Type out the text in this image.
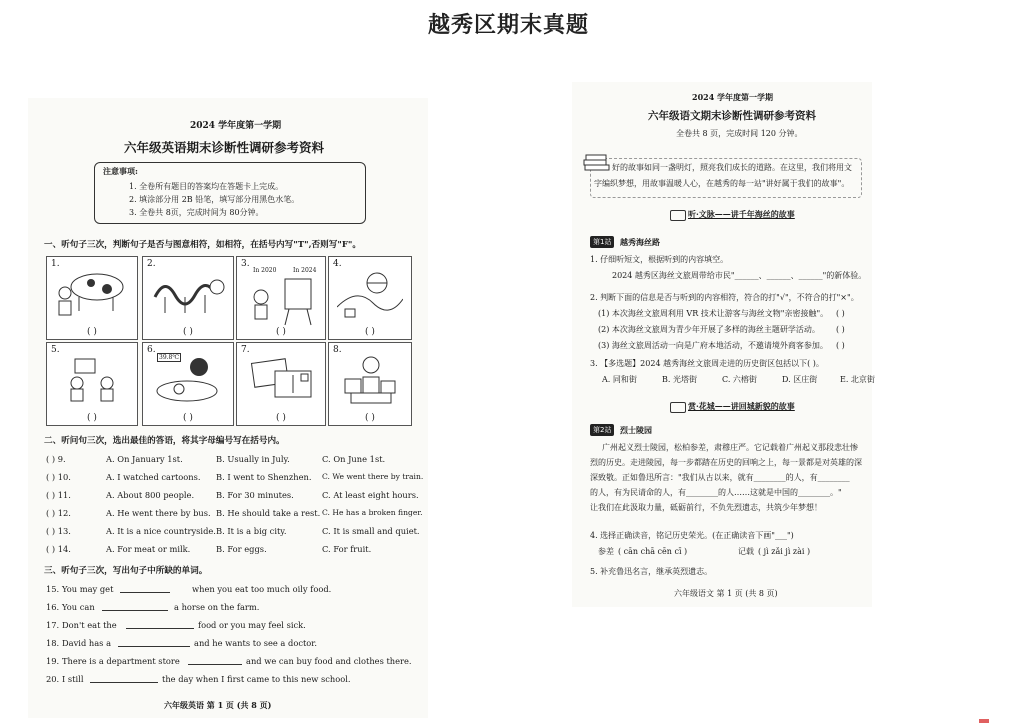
越秀区期末真题
2024 学年度第一学期
六年级英语期末诊断性调研参考资料
注意事项:
1. 全卷所有题目的答案均在答题卡上完成。
2. 填涂部分用 2B 铅笔，填写部分用黑色水笔。
3. 全卷共 8页，完成时间为 80分钟。
一、听句子三次，判断句子是否与图意相符，如相符，在括号内写"T",否则写"F"。
1.
( )
2.
( )
3.
In 2020	In 2024
( )
4.
( )
5.
( )
6.
39.8℃
( )
7.
( )
8.
( )
二、听问句三次，选出最佳的答语，将其字母编号写在括号内。
( ) 9.	A. On January 1st.	B. Usually in July.	C. On June 1st.
( ) 10.	A. I watched cartoons. B. I went to Shenzhen. C. We went there by train.
( ) 11.	A. About 800 people.	B. For 30 minutes.	C. At least eight hours.
( ) 12.	A. He went there by bus. B. He should take a rest. C. He has a broken finger.
( ) 13.	A. It is a nice countryside. B. It is a big city.	C. It is small and quiet.
( ) 14.	A. For meat or milk.	B. For eggs.	C. For fruit.
三、听句子三次，写出句子中所缺的单词。
15. You may get	when you eat too much oily food.
16. You can	a horse on the farm.
17. Don't eat the	food or you may feel sick.
18. David has a	and he wants to see a doctor.
19. There is a department store	and we can buy food and clothes there.
20. I still	the day when I first came to this new school.
六年级英语 第 1 页 (共 8 页)
2024 学年度第一学期
六年级语文期末诊断性调研参考资料
全卷共 8 页，完成时间 120 分钟。
好的故事如同一盏明灯，照亮我们成长的道路。在这里，我们将用文
字编织梦想，用故事温暖人心，在越秀的每一站"讲好属于我们的故事"。
听·文脉——讲千年海丝的故事
第1站	越秀海丝路
1. 仔细听短文，根据听到的内容填空。
2024 越秀区海丝文旅周带给市民"______、______、______"的新体验。
2. 判断下面的信息是否与听到的内容相符，符合的打"√"，不符合的打"×"。
(1) 本次海丝文旅周利用 VR 技术让游客与海丝文物"亲密接触"。 ( )
(2) 本次海丝文旅周为青少年开展了多样的海丝主题研学活动。 ( )
(3) 海丝文旅周活动一向是广府本地活动，不邀请境外商客参加。 ( )
3. 【多选题】2024 越秀海丝文旅周走进的历史街区包括以下( )。
A. 同和街	B. 光塔街	C. 六榕街	D. 区庄街	E. 北京街
赏·花城——讲回城新貌的故事
第2站	烈士陵园
广州起义烈士陵园，松柏参差，肃穆庄严。它记载着广州起义那段悲壮惨
烈的历史。走进陵园，每一步都踏在历史的回响之上，每一景都是对英雄的深
深致敬。正如鲁迅所言："我们从古以来，就有________的人，有________
的人，有为民请命的人，有________的人……这就是中国的________。"
让我们在此汲取力量，砥砺前行，不负先烈遗志，共筑少年梦想！
4. 选择正确读音，铭记历史荣光。(在正确读音下画"___")
参差 ( cān chā cēn cī )	记载 ( jì zǎi jì zài )
5. 补充鲁迅名言，继承英烈遗志。
六年级语文 第 1 页 (共 8 页)
